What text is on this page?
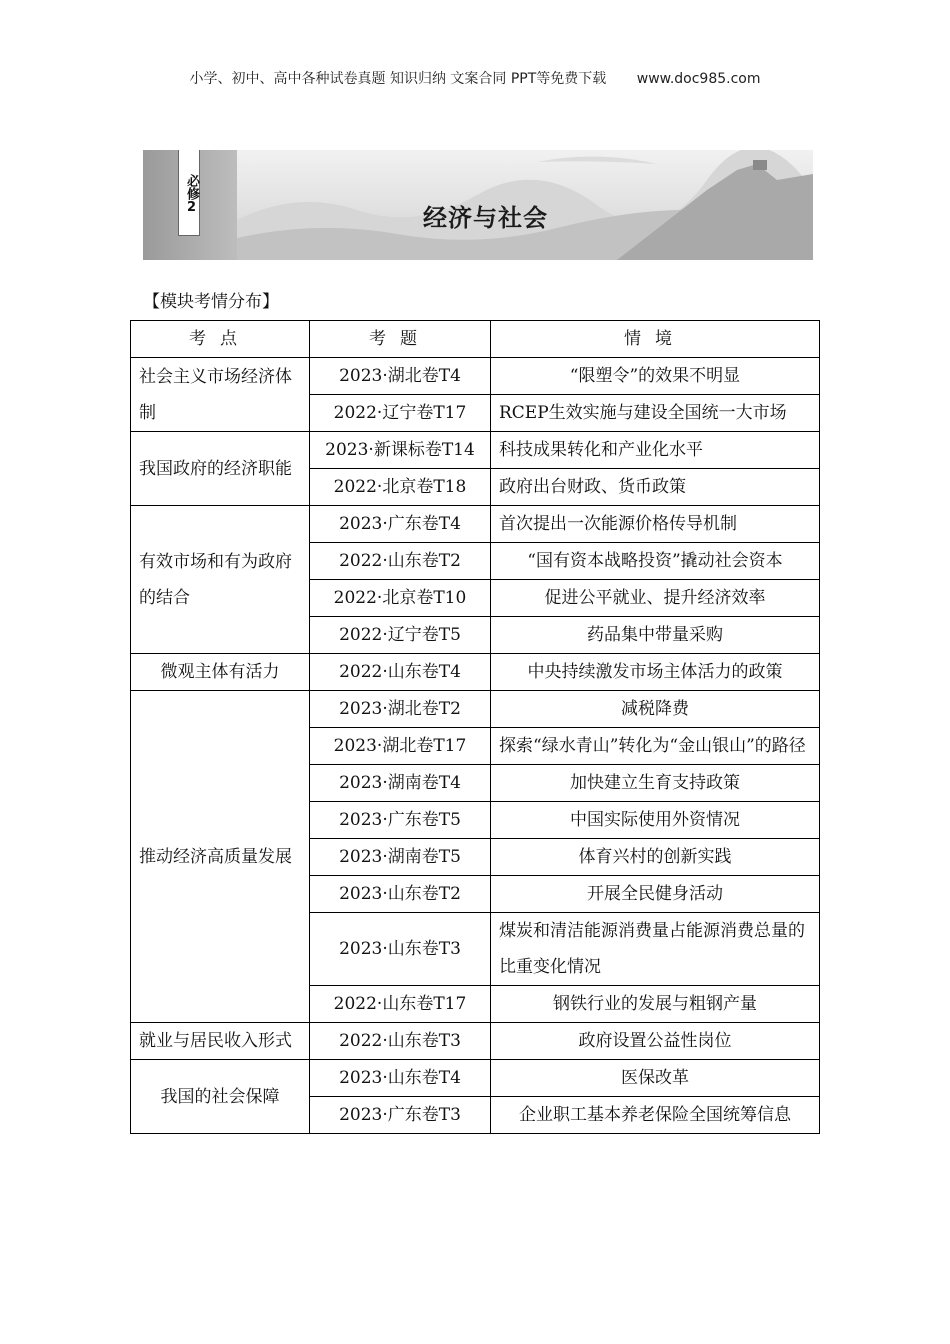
小学、初中、高中各种试卷真题 知识归纳 文案合同 PPT等免费下载 www.doc985.com
必修2
经济与社会
【模块考情分布】
考点	考题	情境
社会主义市场经济体制	2023·湖北卷T4	“限塑令”的效果不明显
	2022·辽宁卷T17	RCEP生效实施与建设全国统一大市场
我国政府的经济职能	2023·新课标卷T14	科技成果转化和产业化水平
	2022·北京卷T18	政府出台财政、货币政策
有效市场和有为政府的结合	2023·广东卷T4	首次提出一次能源价格传导机制
	2022·山东卷T2	“国有资本战略投资”撬动社会资本
	2022·北京卷T10	促进公平就业、提升经济效率
	2022·辽宁卷T5	药品集中带量采购
微观主体有活力	2022·山东卷T4	中央持续激发市场主体活力的政策
推动经济高质量发展	2023·湖北卷T2	减税降费
	2023·湖北卷T17	探索“绿水青山”转化为“金山银山”的路径
	2023·湖南卷T4	加快建立生育支持政策
	2023·广东卷T5	中国实际使用外资情况
	2023·湖南卷T5	体育兴村的创新实践
	2023·山东卷T2	开展全民健身活动
	2023·山东卷T3	煤炭和清洁能源消费量占能源消费总量的比重变化情况
	2022·山东卷T17	钢铁行业的发展与粗钢产量
就业与居民收入形式	2022·山东卷T3	政府设置公益性岗位
我国的社会保障	2023·山东卷T4	医保改革
	2023·广东卷T3	企业职工基本养老保险全国统筹信息
